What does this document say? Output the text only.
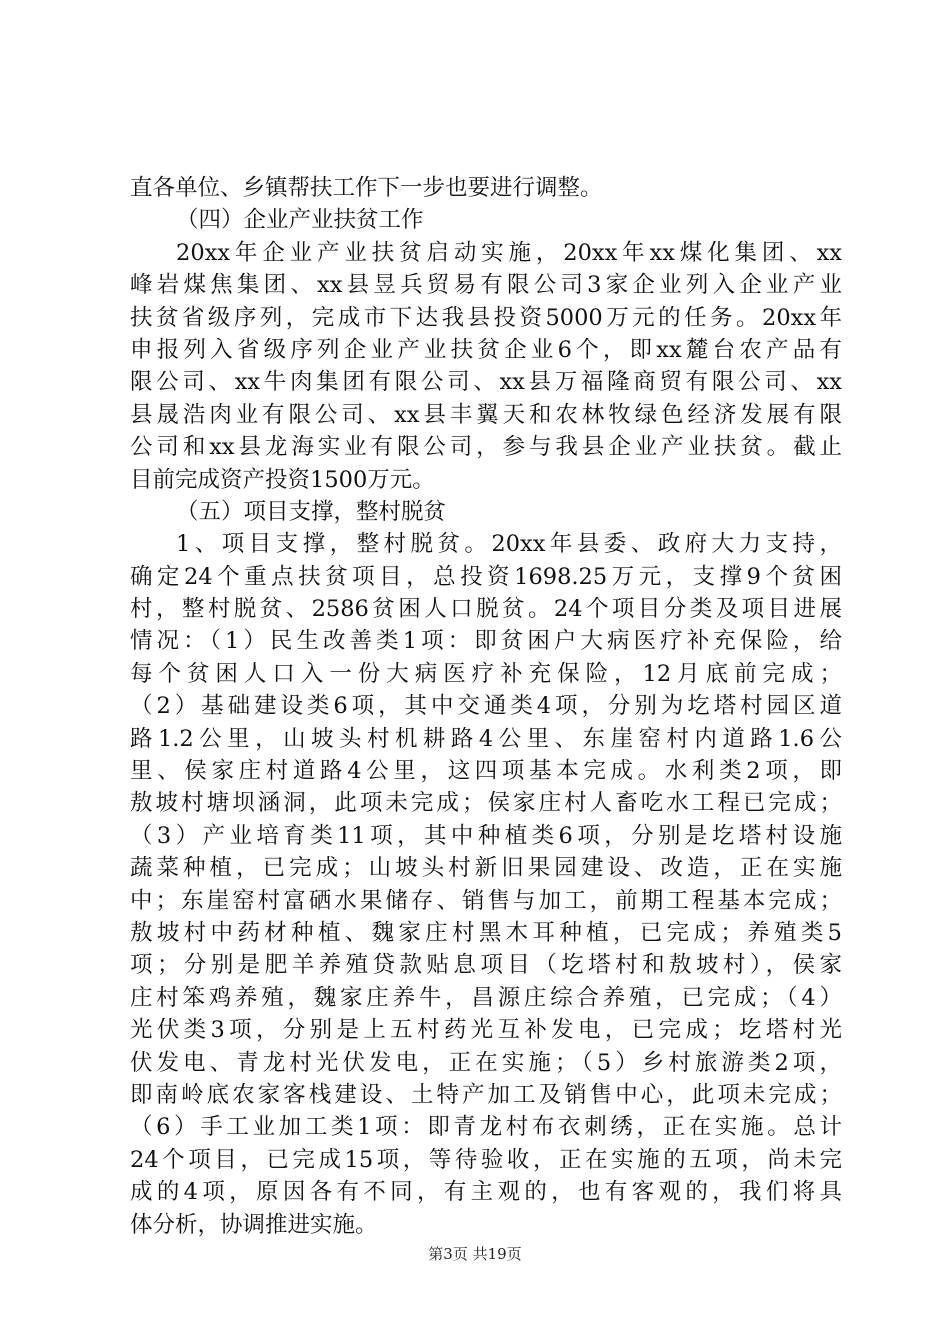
直各单位、乡镇帮扶工作下一步也要进行调整。
（四）企业产业扶贫工作
20xx年企业产业扶贫启动实施，20xx年xx煤化集团、xx
峰岩煤焦集团、xx县昱兵贸易有限公司3家企业列入企业产业
扶贫省级序列，完成市下达我县投资5000万元的任务。20xx年
申报列入省级序列企业产业扶贫企业6个，即xx麓台农产品有
限公司、xx牛肉集团有限公司、xx县万福隆商贸有限公司、xx
县晟浩肉业有限公司、xx县丰翼天和农林牧绿色经济发展有限
公司和xx县龙海实业有限公司，参与我县企业产业扶贫。截止
目前完成资产投资1500万元。
（五）项目支撑，整村脱贫
1、项目支撑，整村脱贫。20xx年县委、政府大力支持，
确定24个重点扶贫项目，总投资1698.25万元，支撑9个贫困
村，整村脱贫、2586贫困人口脱贫。24个项目分类及项目进展
情况：（1）民生改善类1项：即贫困户大病医疗补充保险，给
每个贫困人口入一份大病医疗补充保险，12月底前完成；
（2）基础建设类6项，其中交通类4项，分别为圪塔村园区道
路1.2公里，山坡头村机耕路4公里、东崖窑村内道路1.6公
里、侯家庄村道路4公里，这四项基本完成。水利类2项，即
敖坡村塘坝涵洞，此项未完成；侯家庄村人畜吃水工程已完成；
（3）产业培育类11项，其中种植类6项，分别是圪塔村设施
蔬菜种植，已完成；山坡头村新旧果园建设、改造，正在实施
中；东崖窑村富硒水果储存、销售与加工，前期工程基本完成；
敖坡村中药材种植、魏家庄村黑木耳种植，已完成；养殖类5
项；分别是肥羊养殖贷款贴息项目（圪塔村和敖坡村），侯家
庄村笨鸡养殖，魏家庄养牛，昌源庄综合养殖，已完成；（4）
光伏类3项，分别是上五村药光互补发电，已完成；圪塔村光
伏发电、青龙村光伏发电，正在实施；（5）乡村旅游类2项，
即南岭底农家客栈建设、土特产加工及销售中心，此项未完成；
（6）手工业加工类1项：即青龙村布衣刺绣，正在实施。总计
24个项目，已完成15项，等待验收，正在实施的五项，尚未完
成的4项，原因各有不同，有主观的，也有客观的，我们将具
体分析，协调推进实施。
第3页 共19页
